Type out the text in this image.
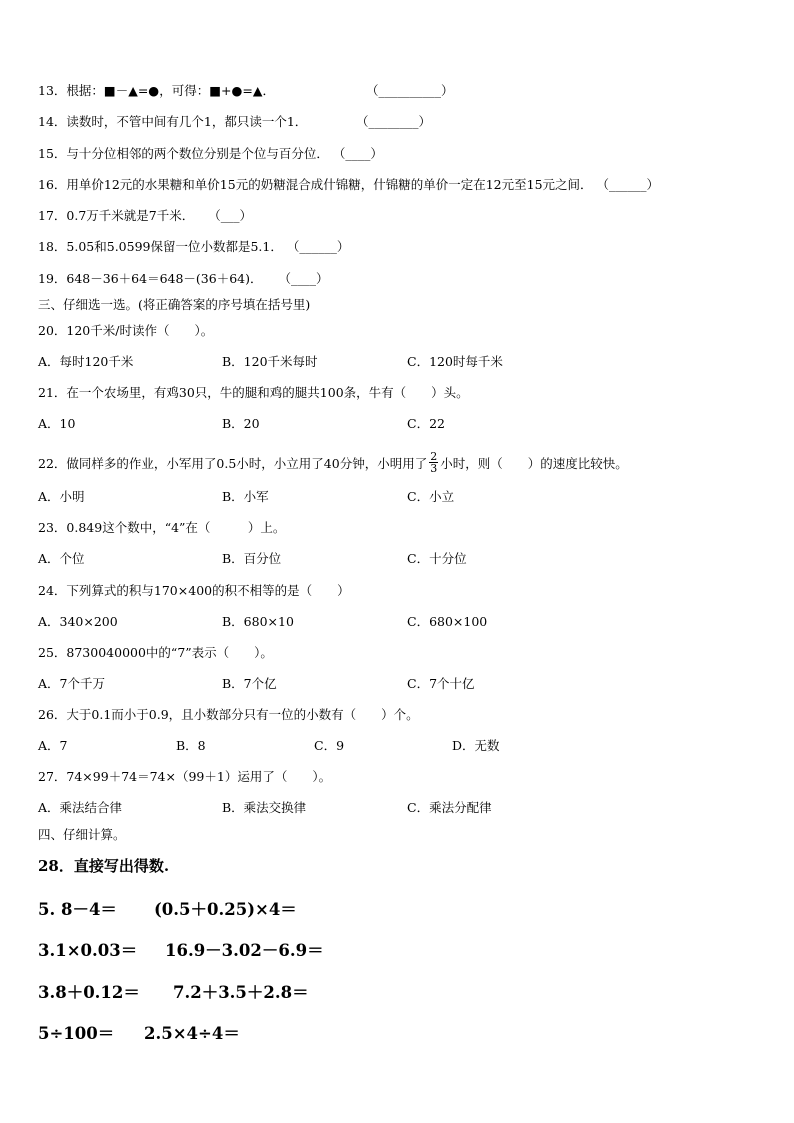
13．根据：■－▲=●，可得：■+●=▲．	（__________）
14．读数时，不管中间有几个1，都只读一个1．	（________）
15．与十分位相邻的两个数位分别是个位与百分位． （____）
16．用单价12元的水果糖和单价15元的奶糖混合成什锦糖，什锦糖的单价一定在12元至15元之间． （______）
17．0.7万千米就是7千米． （___）
18．5.05和5.0599保留一位小数都是5.1． （______）
19．648－36＋64＝648－(36＋64)． （____）
三、仔细选一选。(将正确答案的序号填在括号里)
20．120千米/时读作（　　）。
A．每时120千米	B．120千米每时	C．120时每千米
21．在一个农场里，有鸡30只，牛的腿和鸡的腿共100条，牛有（　　）头。
A．10	B．20	C．22
22．做同样多的作业，小军用了0.5小时，小立用了40分钟，小明用了 $\frac{2}{3}$ 小时，则（　　）的速度比较快。
A．小明	B．小军	C．小立
23．0.849这个数中，“4”在（　　　）上。
A．个位	B．百分位	C．十分位
24．下列算式的积与170×400的积不相等的是（　　）
A．340×200	B．680×10	C．680×100
25．8730040000中的“7”表示（　　）。
A．7个千万	B．7个亿	C．7个十亿
26．大于0.1而小于0.9，且小数部分只有一位的小数有（　　）个。
A．7	B．8	C．9	D．无数
27．74×99＋74＝74×（99＋1）运用了（　　）。
A．乘法结合律	B．乘法交换律	C．乘法分配律
四、仔细计算。
28．直接写出得数.
5. 8－4＝ (0.5＋0.25)×4＝
3.1×0.03＝ 16.9－3.02－6.9＝
3.8＋0.12＝ 7.2＋3.5＋2.8＝
5÷100＝ 2.5×4÷4＝
